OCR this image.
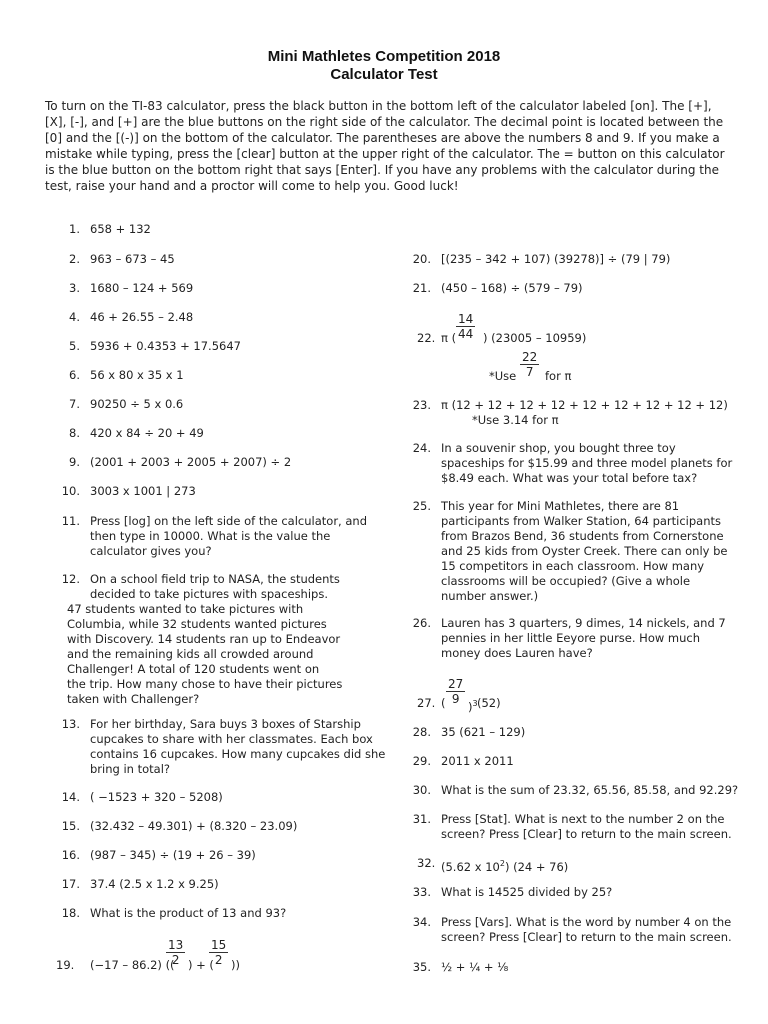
Mini Mathletes Competition 2018
Calculator Test
To turn on the TI-83 calculator, press the black button in the bottom left of the calculator labeled [on]. The [+], [X], [-], and [+] are the blue buttons on the right side of the calculator. The decimal point is located between the [0] and the [(-)] on the bottom of the calculator. The parentheses are above the numbers 8 and 9. If you make a mistake while typing, press the [clear] button at the upper right of the calculator. The = button on this calculator is the blue button on the bottom right that says [Enter]. If you have any problems with the calculator during the test, raise your hand and a proctor will come to help you. Good luck!
1. 658 + 132
2. 963 – 673 – 45
3. 1680 – 124 + 569
4. 46 + 26.55 – 2.48
5. 5936 + 0.4353 + 17.5647
6. 56 x 80 x 35 x 1
7. 90250 ÷ 5 x 0.6
8. 420 x 84 ÷ 20 + 49
9. (2001 + 2003 + 2005 + 2007) ÷ 2
10. 3003 x 1001 | 273
11. Press [log] on the left side of the calculator, and
then type in 10000. What is the value the
calculator gives you?
12. On a school field trip to NASA, the students
decided to take pictures with spaceships.
47 students wanted to take pictures with
Columbia, while 32 students wanted pictures
with Discovery. 14 students ran up to Endeavor
and the remaining kids all crowded around
Challenger! A total of 120 students went on
the trip. How many chose to have their pictures
taken with Challenger?
13. For her birthday, Sara buys 3 boxes of Starship
cupcakes to share with her classmates. Each box
contains 16 cupcakes. How many cupcakes did she
bring in total?
14. ( −1523 + 320 – 5208)
15. (32.432 – 49.301) + (8.320 – 23.09)
16. (987 – 345) ÷ (19 + 26 – 39)
17. 37.4 (2.5 x 1.2 x 9.25)
18. What is the product of 13 and 93?
19.	(−17 – 86.2) ((
$\frac{13}{2}$ ) + (
$\frac{15}{2}$ ))
20. [(235 – 342 + 107) (39278)] ÷ (79 | 79)
21. (450 – 168) ÷ (579 – 79)
23. π (12 + 12 + 12 + 12 + 12 + 12 + 12 + 12 + 12)
24. In a souvenir shop, you bought three toy
spaceships for $15.99 and three model planets for
$8.49 each. What was your total before tax?
25. This year for Mini Mathletes, there are 81
participants from Walker Station, 64 participants
from Brazos Bend, 36 students from Cornerstone
and 25 kids from Oyster Creek. There can only be
15 competitors in each classroom. How many
classrooms will be occupied? (Give a whole
number answer.)
26. Lauren has 3 quarters, 9 dimes, 14 nickels, and 7
pennies in her little Eeyore purse. How much
money does Lauren have?
28. 35 (621 – 129)
29. 2011 x 2011
30. What is the sum of 23.32, 65.56, 85.58, and 92.29?
31. Press [Stat]. What is next to the number 2 on the
screen? Press [Clear] to return to the main screen.
33. What is 14525 divided by 25?
34. Press [Vars]. What is the word by number 4 on the
screen? Press [Clear] to return to the main screen.
35. ½ + ¼ + ⅛
*Use 3.14 for π
22. π ( $\frac{14}{44}$ ) (23005 – 10959)
$*Use \frac{22}{7}$ for π
27. ( $\frac{27}{9}$
)$^3$ (52)
32. (5.62 x $10^2$) (24 + 76)
